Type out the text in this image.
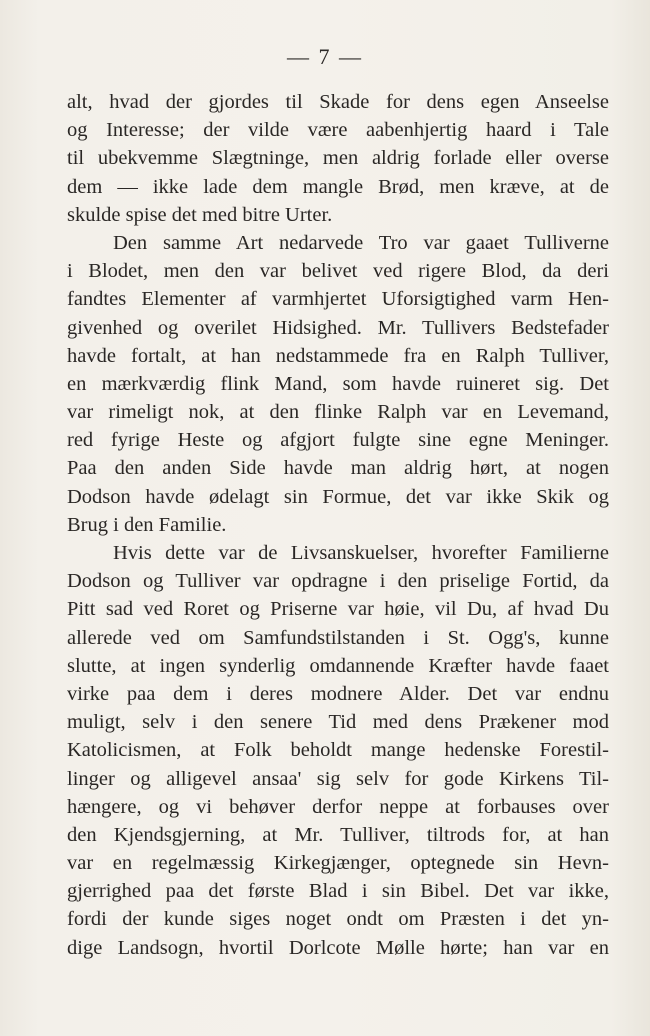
— 7 —
alt, hvad der gjordes til Skade for dens egen Anseelse
og Interesse; der vilde være aabenhjertig haard i Tale
til ubekvemme Slægtninge, men aldrig forlade eller overse
dem — ikke lade dem mangle Brød, men kræve, at de
skulde spise det med bitre Urter.
Den samme Art nedarvede Tro var gaaet Tulliverne
i Blodet, men den var belivet ved rigere Blod, da deri
fandtes Elementer af varmhjertet Uforsigtighed varm Hen-
givenhed og overilet Hidsighed. Mr. Tullivers Bedstefader
havde fortalt, at han nedstammede fra en Ralph Tulliver,
en mærkværdig flink Mand, som havde ruineret sig. Det
var rimeligt nok, at den flinke Ralph var en Levemand,
red fyrige Heste og afgjort fulgte sine egne Meninger.
Paa den anden Side havde man aldrig hørt, at nogen
Dodson havde ødelagt sin Formue, det var ikke Skik og
Brug i den Familie.
Hvis dette var de Livsanskuelser, hvorefter Familierne
Dodson og Tulliver var opdragne i den priselige Fortid, da
Pitt sad ved Roret og Priserne var høie, vil Du, af hvad Du
allerede ved om Samfundstilstanden i St. Ogg's, kunne
slutte, at ingen synderlig omdannende Kræfter havde faaet
virke paa dem i deres modnere Alder. Det var endnu
muligt, selv i den senere Tid med dens Prækener mod
Katolicismen, at Folk beholdt mange hedenske Forestil-
linger og alligevel ansaa' sig selv for gode Kirkens Til-
hængere, og vi behøver derfor neppe at forbauses over
den Kjendsgjerning, at Mr. Tulliver, tiltrods for, at han
var en regelmæssig Kirkegjænger, optegnede sin Hevn-
gjerrighed paa det første Blad i sin Bibel. Det var ikke,
fordi der kunde siges noget ondt om Præsten i det yn-
dige Landsogn, hvortil Dorlcote Mølle hørte; han var en
